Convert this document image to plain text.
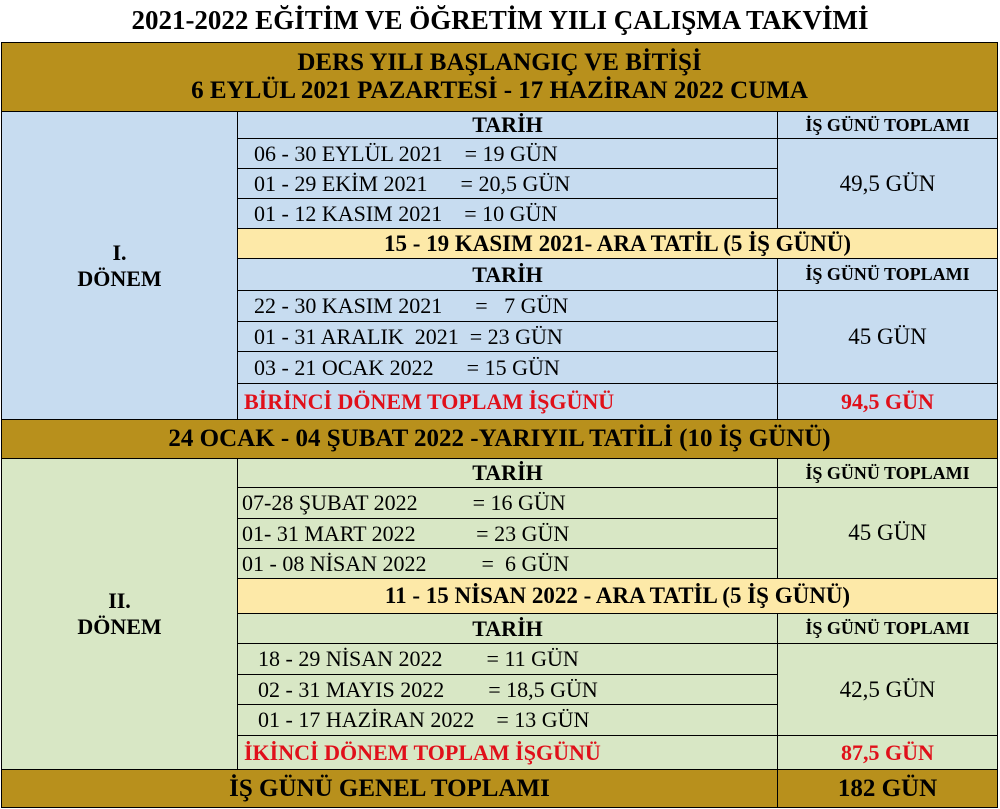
2021-2022 EĞİTİM VE ÖĞRETİM YILI ÇALIŞMA TAKVİMİ
DERS YILI BAŞLANGIÇ VE BİTİŞİ
6 EYLÜL 2021 PAZARTESİ - 17 HAZİRAN 2022 CUMA
I.
DÖNEM
TARİH	İŞ GÜNÜ TOPLAMI
06 - 30 EYLÜL 2021    = 19 GÜN
01 - 29 EKİM 2021      = 20,5 GÜN
01 - 12 KASIM 2021    = 10 GÜN
49,5 GÜN
15 - 19 KASIM 2021- ARA TATİL (5 İŞ GÜNÜ)
TARİH	İŞ GÜNÜ TOPLAMI
22 - 30 KASIM 2021      =   7 GÜN
01 - 31 ARALIK  2021  = 23 GÜN
03 - 21 OCAK 2022      = 15 GÜN
45 GÜN
BİRİNCİ DÖNEM TOPLAM İŞGÜNÜ	94,5 GÜN
24 OCAK - 04 ŞUBAT 2022 -YARIYIL TATİLİ (10 İŞ GÜNÜ)
II.
DÖNEM
TARİH	İŞ GÜNÜ TOPLAMI
07-28 ŞUBAT 2022          = 16 GÜN
01- 31 MART 2022           = 23 GÜN
01 - 08 NİSAN 2022          =  6 GÜN
45 GÜN
11 - 15 NİSAN 2022 - ARA TATİL (5 İŞ GÜNÜ)
TARİH	İŞ GÜNÜ TOPLAMI
18 - 29 NİSAN 2022        = 11 GÜN
02 - 31 MAYIS 2022        = 18,5 GÜN
01 - 17 HAZİRAN 2022    = 13 GÜN
42,5 GÜN
İKİNCİ DÖNEM TOPLAM İŞGÜNÜ	87,5 GÜN
İŞ GÜNÜ GENEL TOPLAMI	182 GÜN
